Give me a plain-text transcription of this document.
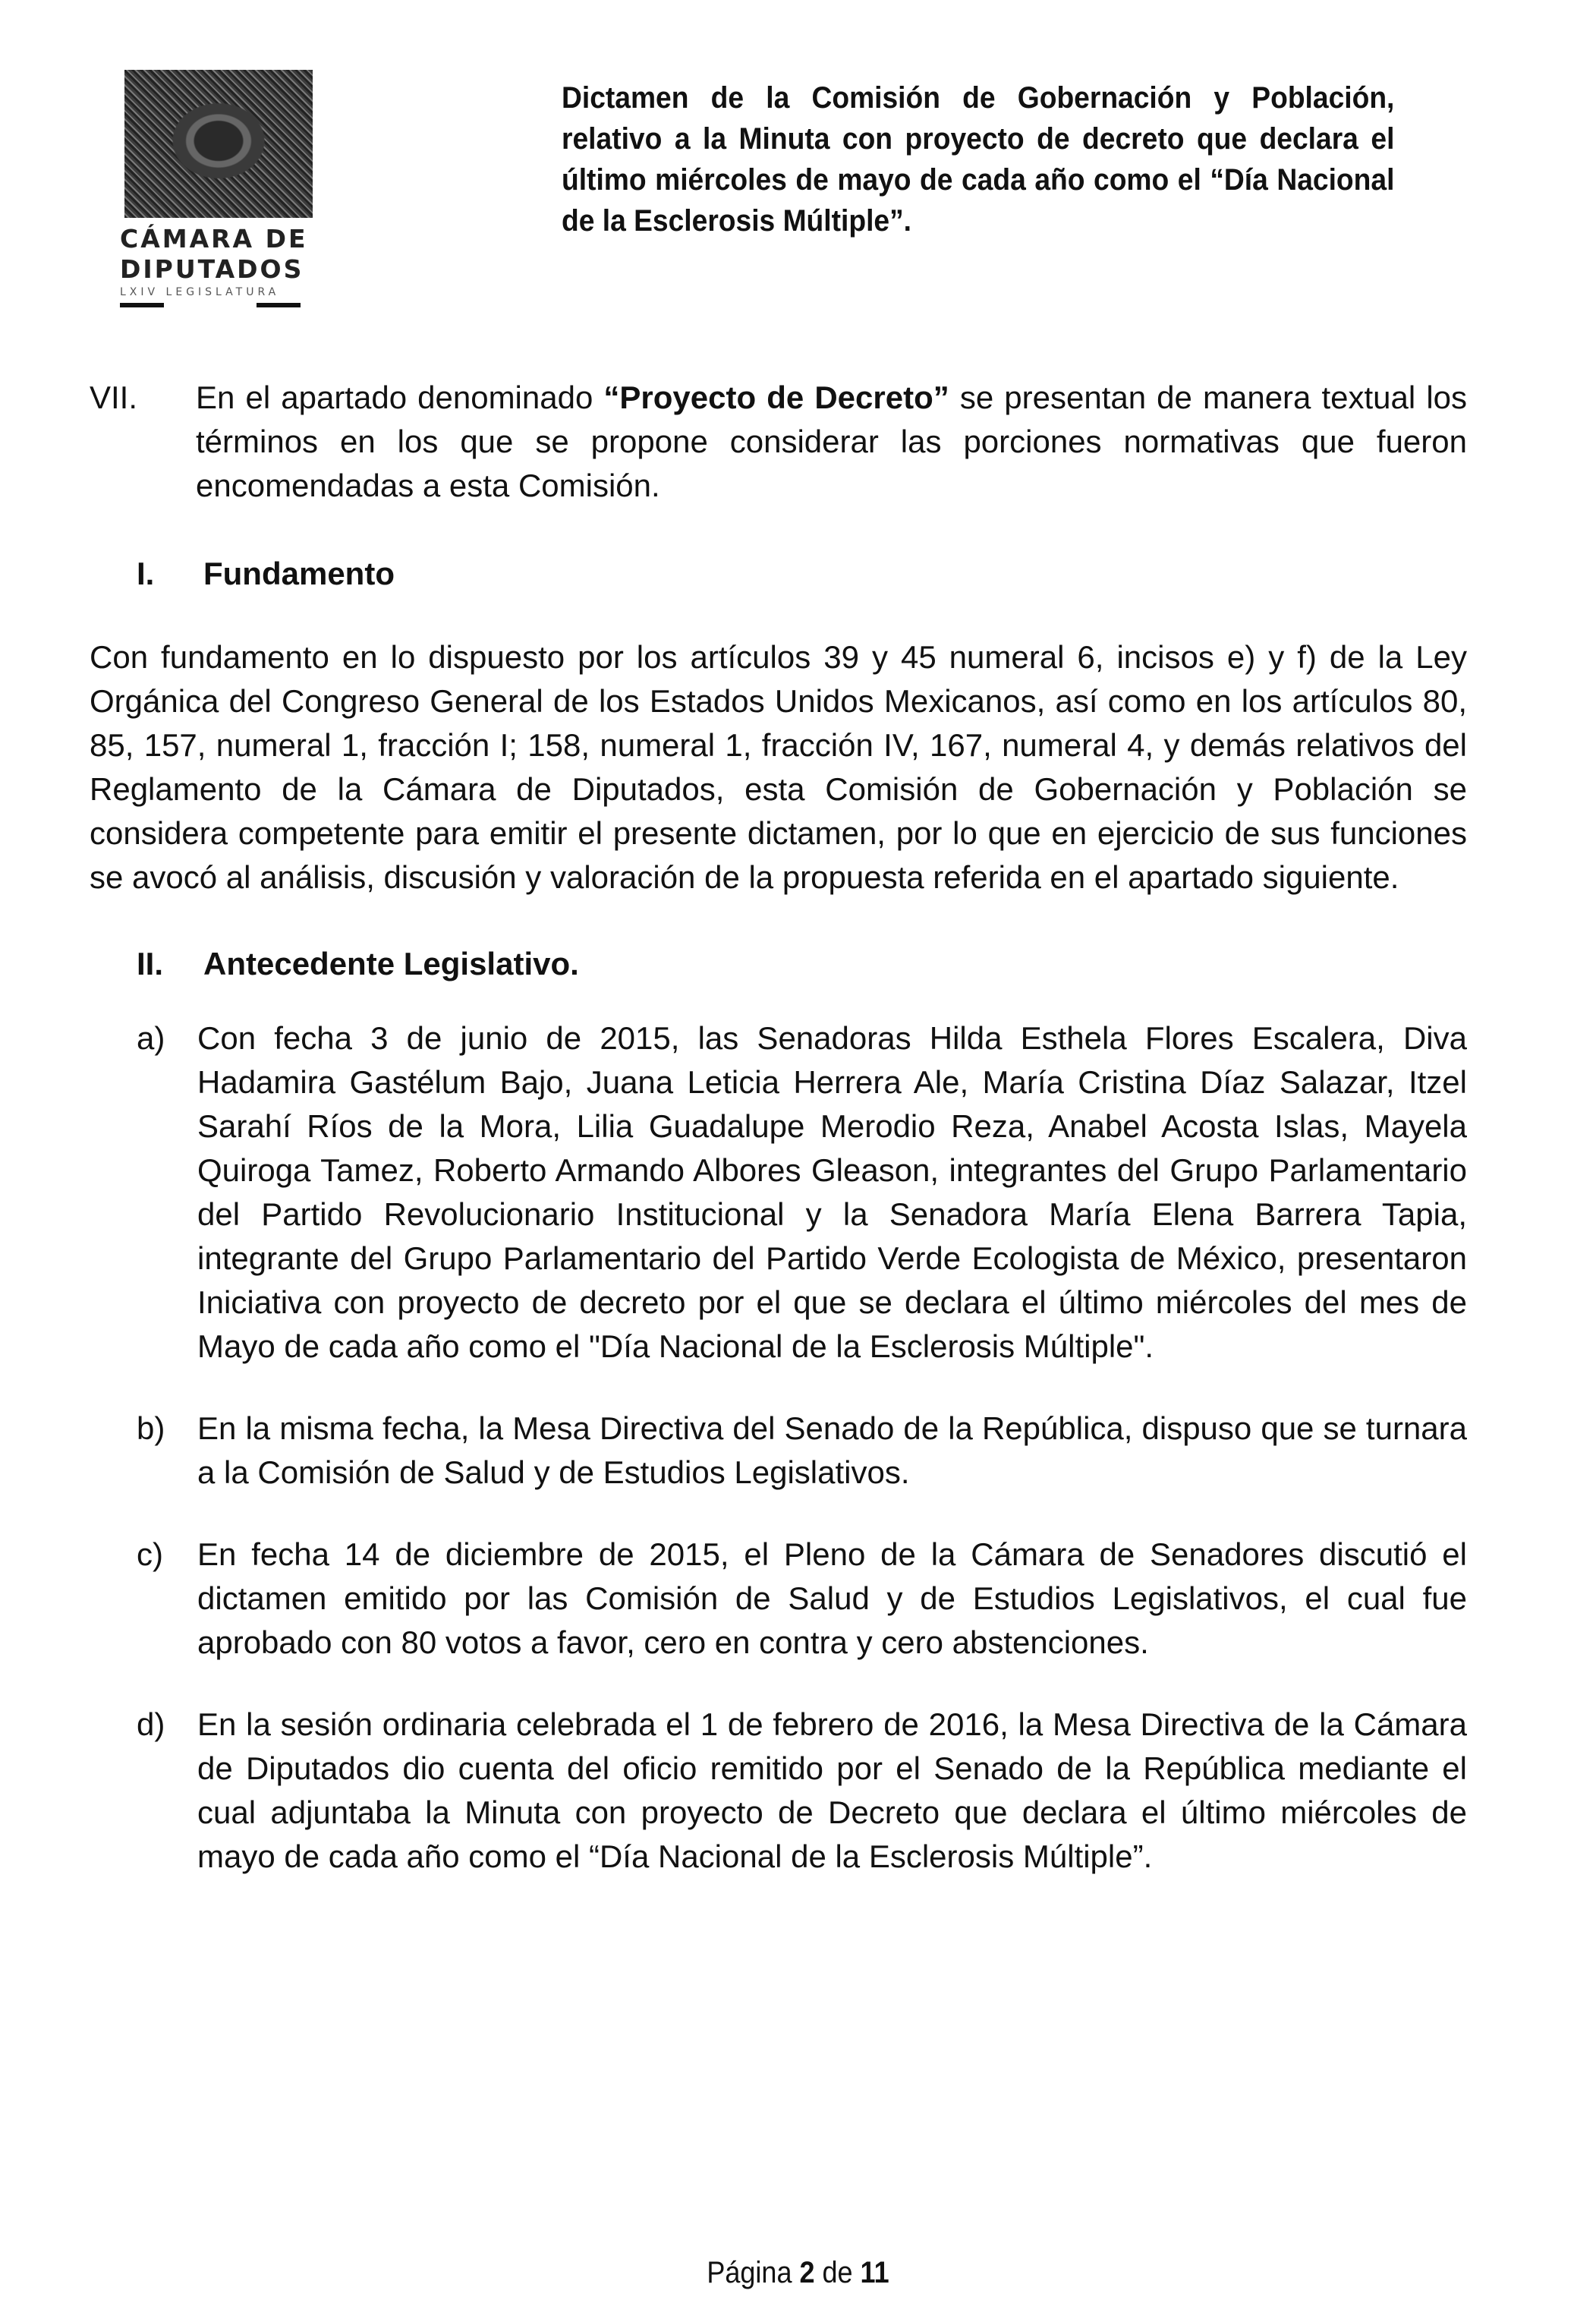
CÁMARA DE
DIPUTADOS
LXIV LEGISLATURA
Dictamen de la Comisión de Gobernación y Población, relativo a la Minuta con proyecto de decreto que declara el último miércoles de mayo de cada año como el “Día Nacional de la Esclerosis Múltiple”.
VII.	En el apartado denominado “Proyecto de Decreto” se presentan de manera textual los términos en los que se propone considerar las porciones normativas que fueron encomendadas a esta Comisión.
I.	Fundamento

Con fundamento en lo dispuesto por los artículos 39 y 45 numeral 6, incisos e) y f) de la Ley Orgánica del Congreso General de los Estados Unidos Mexicanos, así como en los artículos 80, 85, 157, numeral 1, fracción I; 158, numeral 1, fracción IV, 167, numeral 4, y demás relativos del Reglamento de la Cámara de Diputados, esta Comisión de Gobernación y Población se considera competente para emitir el presente dictamen, por lo que en ejercicio de sus funciones se avocó al análisis, discusión y valoración de la propuesta referida en el apartado siguiente.

II.	Antecedente Legislativo.
a)	Con fecha 3 de junio de 2015, las Senadoras Hilda Esthela Flores Escalera, Diva Hadamira Gastélum Bajo, Juana Leticia Herrera Ale, María Cristina Díaz Salazar, Itzel Sarahí Ríos de la Mora, Lilia Guadalupe Merodio Reza, Anabel Acosta Islas, Mayela Quiroga Tamez, Roberto Armando Albores Gleason, integrantes del Grupo Parlamentario del Partido Revolucionario Institucional y la Senadora María Elena Barrera Tapia, integrante del Grupo Parlamentario del Partido Verde Ecologista de México, presentaron Iniciativa con proyecto de decreto por el que se declara el último miércoles del mes de Mayo de cada año como el "Día Nacional de la Esclerosis Múltiple".
b)	En la misma fecha, la Mesa Directiva del Senado de la República, dispuso que se turnara a la Comisión de Salud y de Estudios Legislativos.
c)	En fecha 14 de diciembre de 2015, el Pleno de la Cámara de Senadores discutió el dictamen emitido por las Comisión de Salud y de Estudios Legislativos, el cual fue aprobado con 80 votos a favor, cero en contra y cero abstenciones.
d)	En la sesión ordinaria celebrada el 1 de febrero de 2016, la Mesa Directiva de la Cámara de Diputados dio cuenta del oficio remitido por el Senado de la República mediante el cual adjuntaba la Minuta con proyecto de Decreto que declara el último miércoles de mayo de cada año como el “Día Nacional de la Esclerosis Múltiple”.
Página 2 de 11
